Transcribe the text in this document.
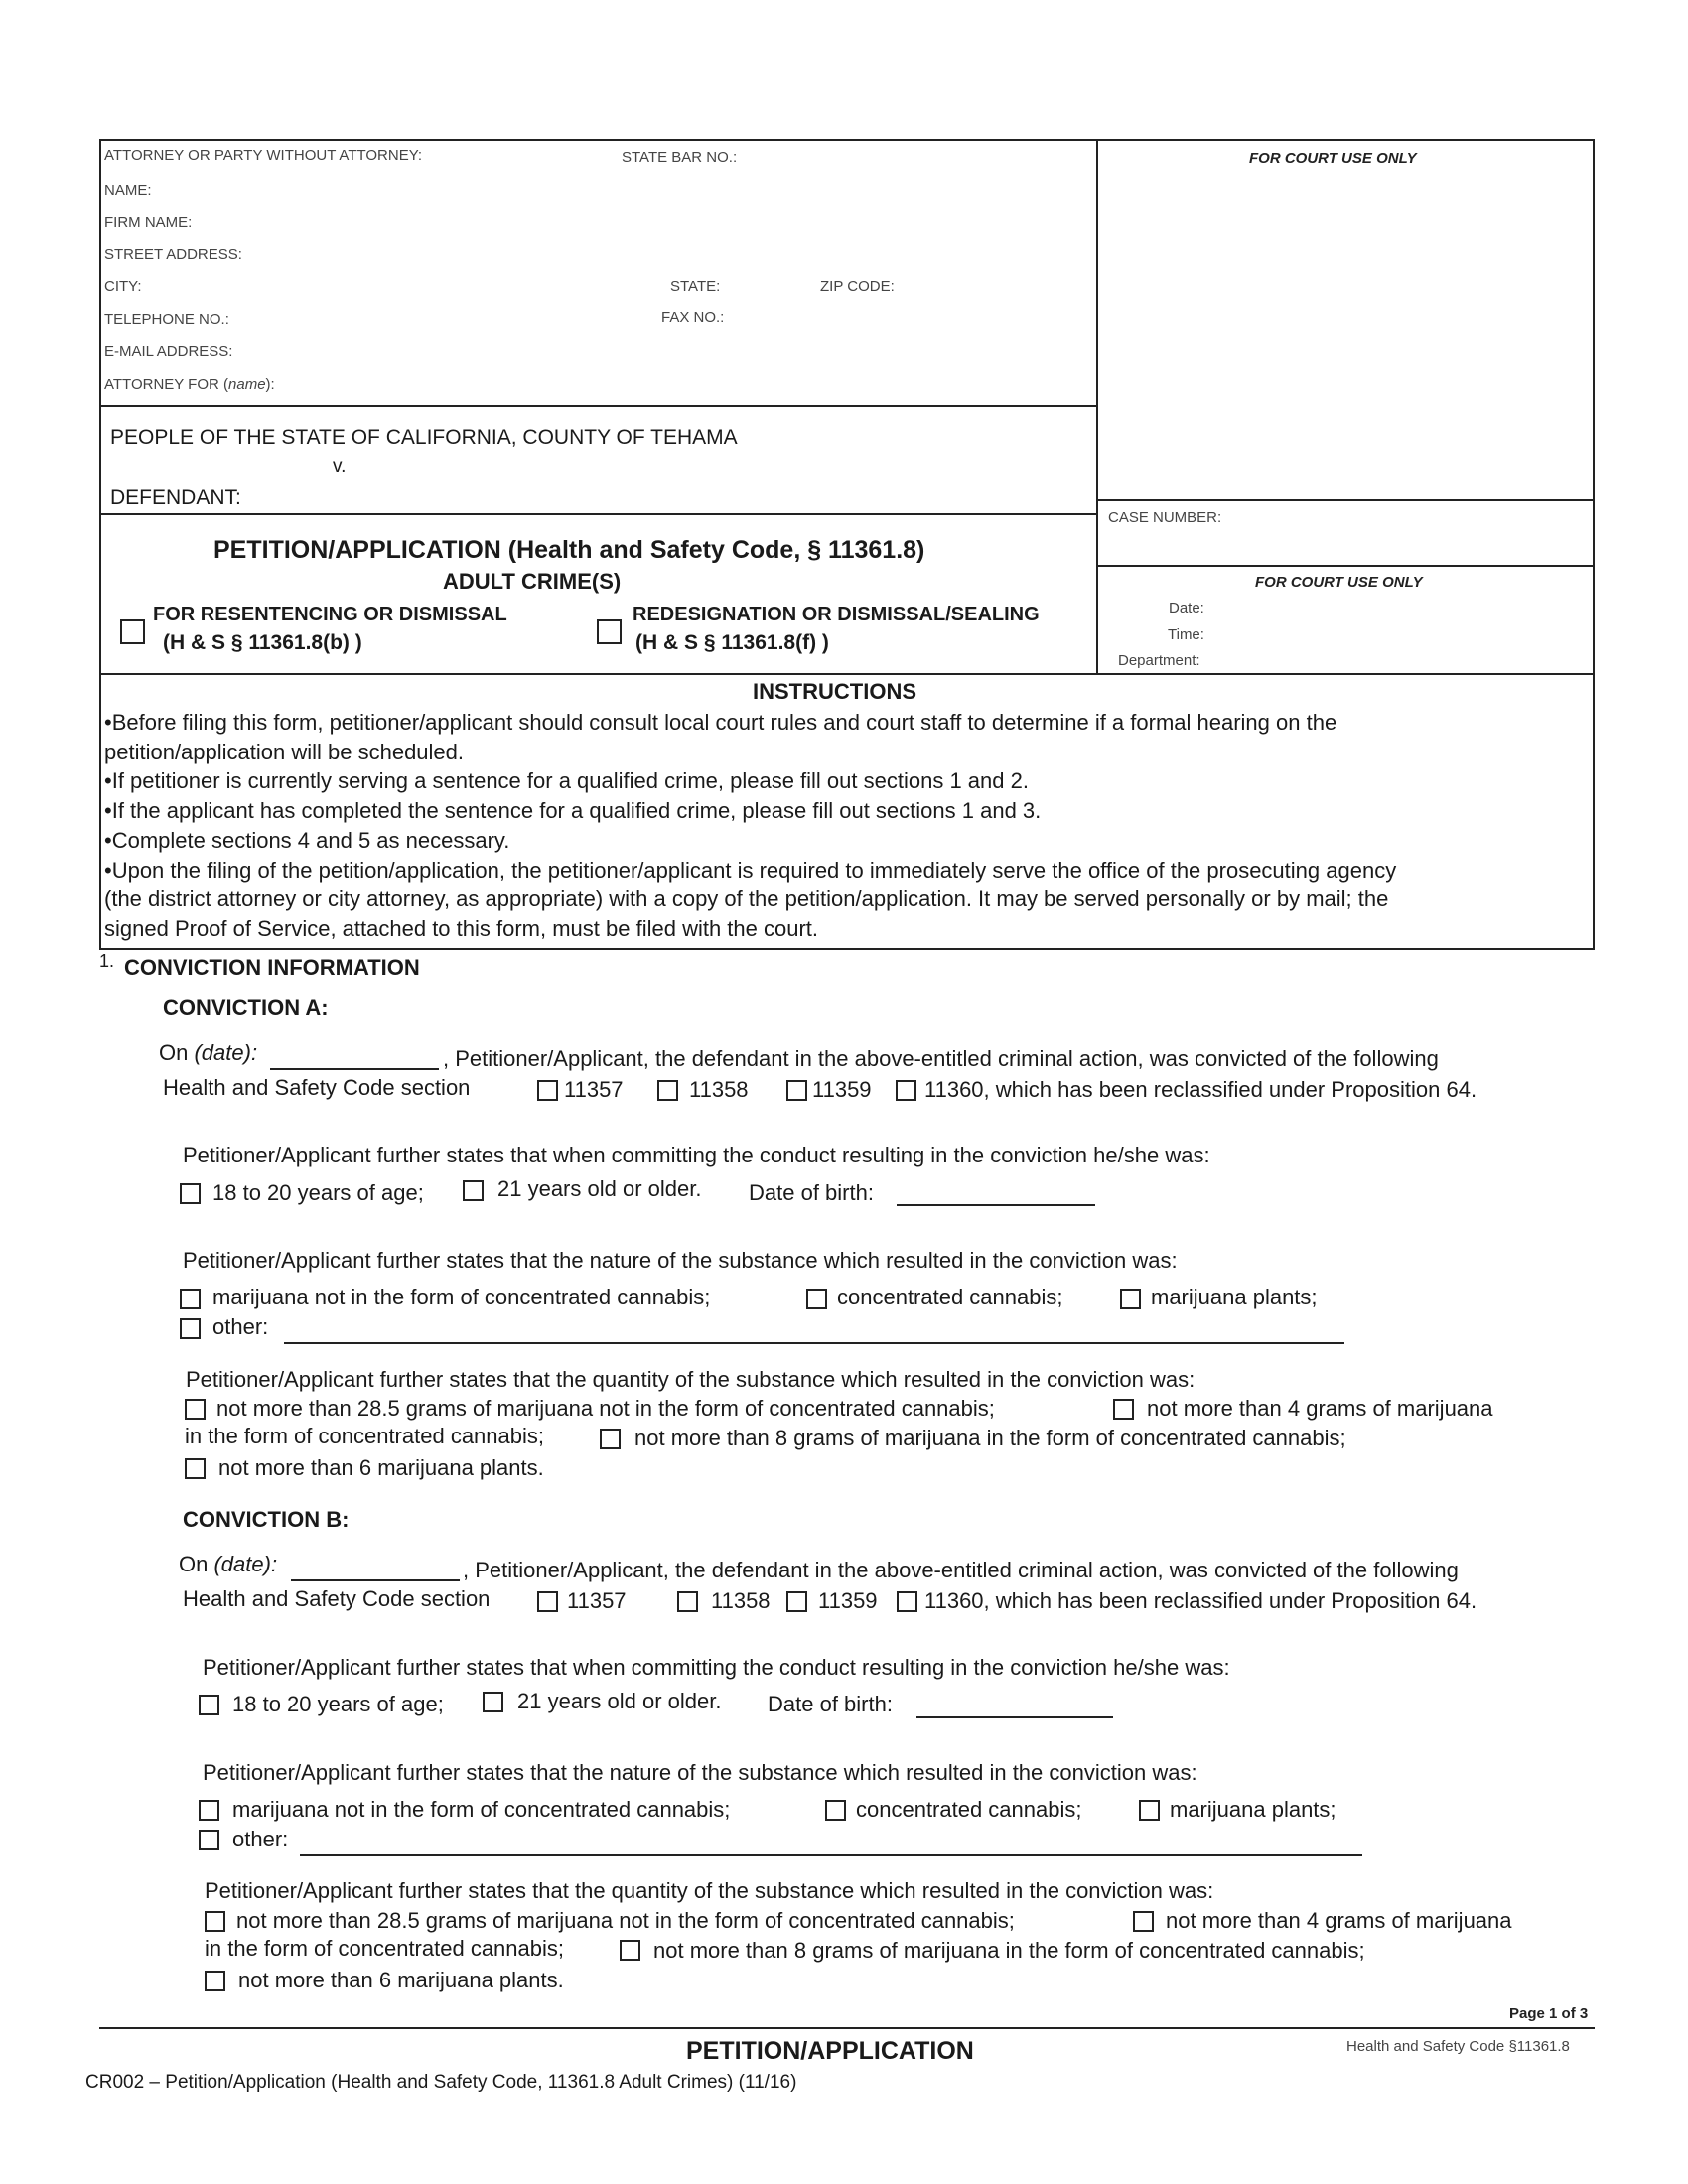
ATTORNEY OR PARTY WITHOUT ATTORNEY:	STATE BAR NO.:	FOR COURT USE ONLY
NAME:
FIRM NAME:
STREET ADDRESS:
CITY:	STATE:	ZIP CODE:
TELEPHONE NO.:	FAX NO.:
E-MAIL ADDRESS:
ATTORNEY FOR (name):
PEOPLE OF THE STATE OF CALIFORNIA, COUNTY OF TEHAMA
v.
DEFENDANT:
CASE NUMBER:
FOR COURT USE ONLY
Date:
Time:
Department:
PETITION/APPLICATION (Health and Safety Code, § 11361.8)
ADULT CRIME(S)
FOR RESENTENCING OR DISMISSAL
(H & S § 11361.8(b) )
REDESIGNATION OR DISMISSAL/SEALING
(H & S § 11361.8(f) )
INSTRUCTIONS
•Before filing this form, petitioner/applicant should consult local court rules and court staff to determine if a formal hearing on the
petition/application will be scheduled.
•If petitioner is currently serving a sentence for a qualified crime, please fill out sections 1 and 2.
•If the applicant has completed the sentence for a qualified crime, please fill out sections 1 and 3.
•Complete sections 4 and 5 as necessary.
•Upon the filing of the petition/application, the petitioner/applicant is required to immediately serve the office of the prosecuting agency
(the district attorney or city attorney, as appropriate) with a copy of the petition/application. It may be served personally or by mail; the
signed Proof of Service, attached to this form, must be filed with the court.
1. CONVICTION INFORMATION
CONVICTION A:
On (date):	, Petitioner/Applicant, the defendant in the above-entitled criminal action, was convicted of the following
Health and Safety Code section	11357	11358	11359 11360, which has been reclassified under Proposition 64.
Petitioner/Applicant further states that when committing the conduct resulting in the conviction he/she was:
18 to 20 years of age;	21 years old or older. Date of birth:
Petitioner/Applicant further states that the nature of the substance which resulted in the conviction was:
marijuana not in the form of concentrated cannabis;	concentrated cannabis;	marijuana plants;
other:
Petitioner/Applicant further states that the quantity of the substance which resulted in the conviction was:
not more than 28.5 grams of marijuana not in the form of concentrated cannabis;	not more than 4 grams of marijuana
in the form of concentrated cannabis;	not more than 8 grams of marijuana in the form of concentrated cannabis;
not more than 6 marijuana plants.
CONVICTION B:
On (date):	, Petitioner/Applicant, the defendant in the above-entitled criminal action, was convicted of the following
Health and Safety Code section	11357	11358 11359 11360, which has been reclassified under Proposition 64.
Petitioner/Applicant further states that when committing the conduct resulting in the conviction he/she was:
18 to 20 years of age;	21 years old or older. Date of birth:
Petitioner/Applicant further states that the nature of the substance which resulted in the conviction was:
marijuana not in the form of concentrated cannabis;	concentrated cannabis;	marijuana plants;
other:
Petitioner/Applicant further states that the quantity of the substance which resulted in the conviction was:
not more than 28.5 grams of marijuana not in the form of concentrated cannabis;	not more than 4 grams of marijuana
in the form of concentrated cannabis;	not more than 8 grams of marijuana in the form of concentrated cannabis;
not more than 6 marijuana plants.
Page 1 of 3
PETITION/APPLICATION	Health and Safety Code §11361.8
CR002 – Petition/Application (Health and Safety Code, 11361.8 Adult Crimes) (11/16)
